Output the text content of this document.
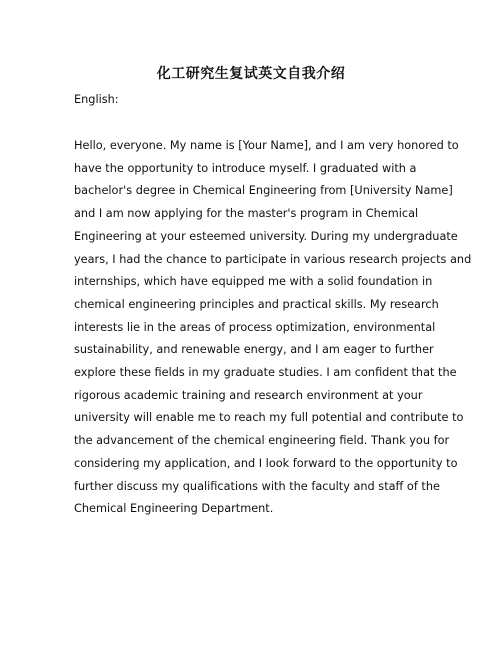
化工研究生复试英文自我介绍
English:
Hello, everyone. My name is [Your Name], and I am very honored to
have the opportunity to introduce myself. I graduated with a
bachelor's degree in Chemical Engineering from [University Name]
and I am now applying for the master's program in Chemical
Engineering at your esteemed university. During my undergraduate
years, I had the chance to participate in various research projects and
internships, which have equipped me with a solid foundation in
chemical engineering principles and practical skills. My research
interests lie in the areas of process optimization, environmental
sustainability, and renewable energy, and I am eager to further
explore these fields in my graduate studies. I am confident that the
rigorous academic training and research environment at your
university will enable me to reach my full potential and contribute to
the advancement of the chemical engineering field. Thank you for
considering my application, and I look forward to the opportunity to
further discuss my qualifications with the faculty and staff of the
Chemical Engineering Department.
